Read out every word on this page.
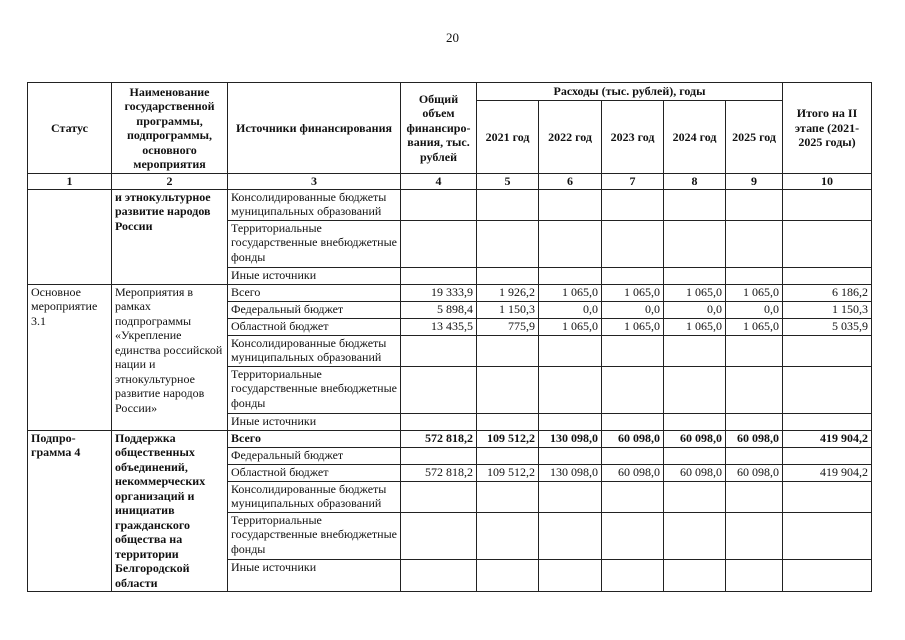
20
Статус	Наименование государственной программы, подпрограммы, основного мероприятия	Источники финансирования	Общий объем финансиро-вания, тыс. рублей	Расходы (тыс. рублей), годы					Итого на II этапе (2021-2025 годы)
				2021 год	2022 год	2023 год	2024 год	2025 год	
1	2	3	4	5	6	7	8	9	10
	и этнокультурное развитие народов России	Консолидированные бюджеты муниципальных образований							
		Территориальные государственные внебюджетные фонды							
		Иные источники							
Основное мероприятие 3.1	Мероприятия в рамках подпрограммы «Укрепление единства российской нации и этнокультурное развитие народов России»	Всего	19 333,9	1 926,2	1 065,0	1 065,0	1 065,0	1 065,0	6 186,2
		Федеральный бюджет	5 898,4	1 150,3	0,0	0,0	0,0	0,0	1 150,3
		Областной бюджет	13 435,5	775,9	1 065,0	1 065,0	1 065,0	1 065,0	5 035,9
		Консолидированные бюджеты муниципальных образований							
		Территориальные государственные внебюджетные фонды							
		Иные источники							
Подпро-грамма 4	Поддержка общественных объединений, некоммерческих организаций и инициатив гражданского общества на территории Белгородской области	Всего	572 818,2	109 512,2	130 098,0	60 098,0	60 098,0	60 098,0	419 904,2
		Федеральный бюджет							
		Областной бюджет	572 818,2	109 512,2	130 098,0	60 098,0	60 098,0	60 098,0	419 904,2
		Консолидированные бюджеты муниципальных образований							
		Территориальные государственные внебюджетные фонды							
		Иные источники							
